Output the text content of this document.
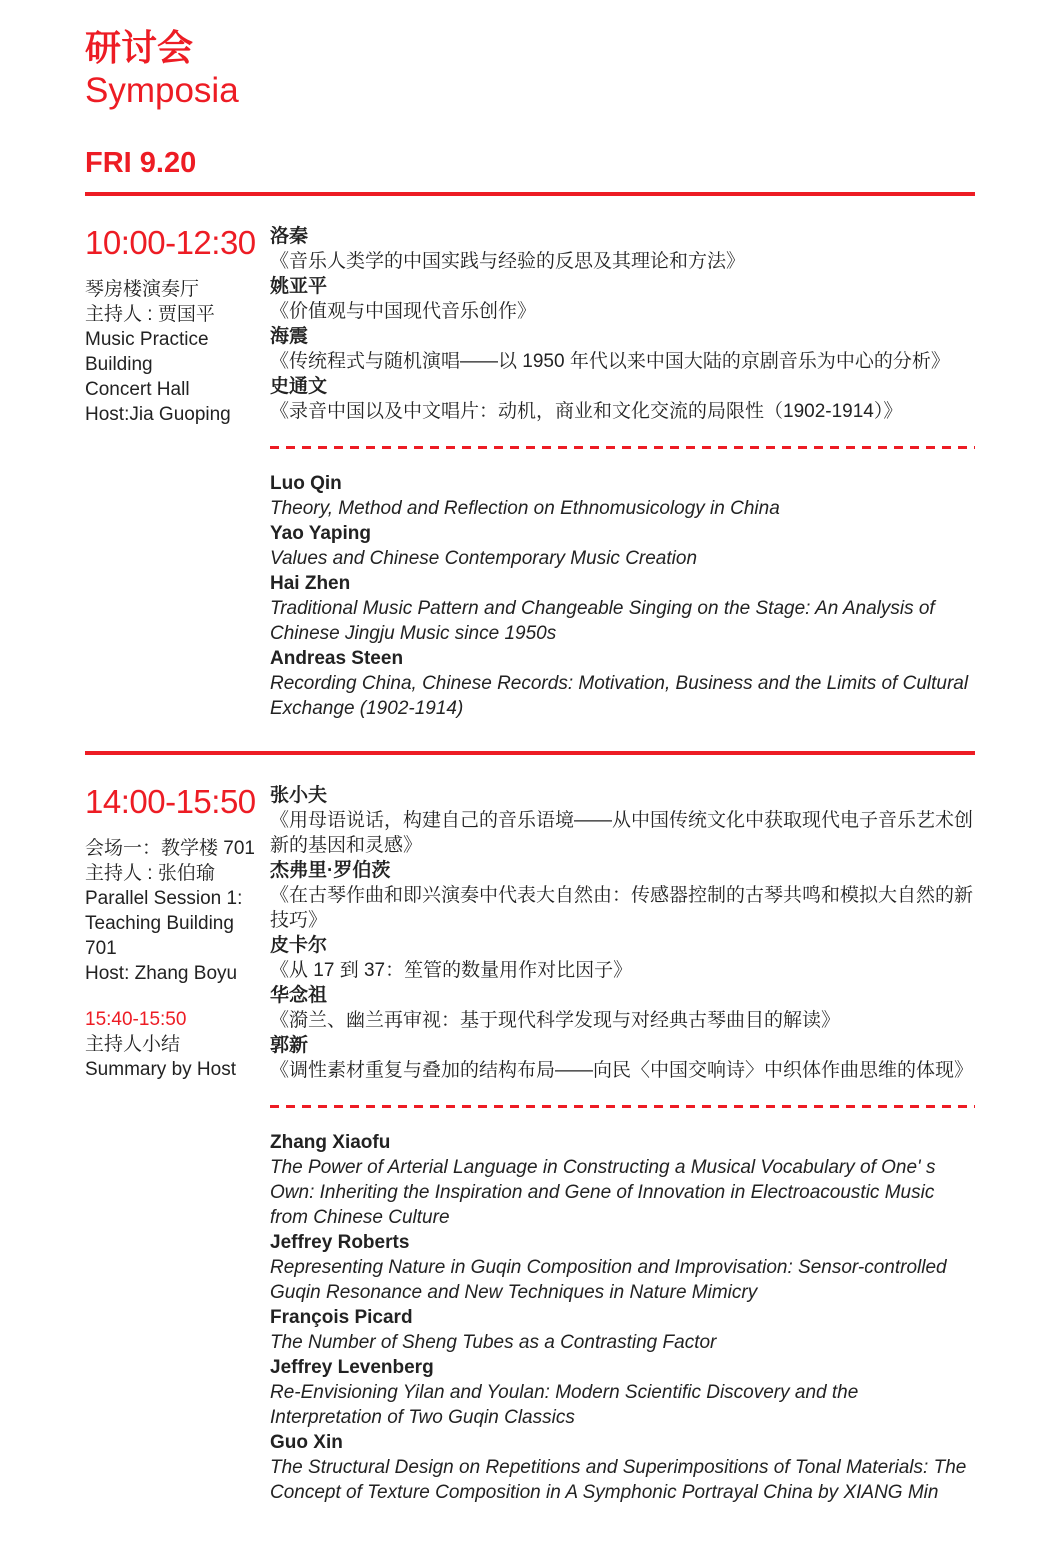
研讨会
Symposia
FRI 9.20
10:00-12:30
琴房楼演奏厅
主持人 : 贾国平
Music Practice
Building
Concert Hall
Host:Jia Guoping
洛秦
《音乐人类学的中国实践与经验的反思及其理论和方法》
姚亚平
《价值观与中国现代音乐创作》
海震
《传统程式与随机演唱——以 1950 年代以来中国大陆的京剧音乐为中心的分析》
史通文
《录音中国以及中文唱片：动机，商业和文化交流的局限性（1902-1914）》
Luo Qin
Theory, Method and Reflection on Ethnomusicology in China
Yao Yaping
Values and Chinese Contemporary Music Creation
Hai Zhen
Traditional Music Pattern and Changeable Singing on the Stage: An Analysis of Chinese Jingju Music since 1950s
Andreas Steen
Recording China, Chinese Records: Motivation, Business and the Limits of Cultural Exchange (1902-1914)
14:00-15:50
会场一：教学楼 701
主持人 : 张伯瑜
Parallel Session 1:
Teaching Building
701
Host: Zhang Boyu
15:40-15:50
主持人小结
Summary by Host
张小夫
《用母语说话，构建自己的音乐语境——从中国传统文化中获取现代电子音乐艺术创新的基因和灵感》
杰弗里·罗伯茨
《在古琴作曲和即兴演奏中代表大自然由：传感器控制的古琴共鸣和模拟大自然的新技巧》
皮卡尔
《从 17 到 37：笙管的数量用作对比因子》
华念祖
《漪兰、幽兰再审视：基于现代科学发现与对经典古琴曲目的解读》
郭新
《调性素材重复与叠加的结构布局——向民〈中国交响诗〉中织体作曲思维的体现》
Zhang Xiaofu
The Power of Arterial Language in Constructing a Musical Vocabulary of One' s Own: Inheriting the Inspiration and Gene of Innovation in Electroacoustic Music from Chinese Culture
Jeffrey Roberts
Representing Nature in Guqin Composition and Improvisation: Sensor-controlled Guqin Resonance and New Techniques in Nature Mimicry
François Picard
The Number of Sheng Tubes as a Contrasting Factor
Jeffrey Levenberg
Re-Envisioning Yilan and Youlan: Modern Scientific Discovery and the Interpretation of Two Guqin Classics
Guo Xin
The Structural Design on Repetitions and Superimpositions of Tonal Materials: The Concept of Texture Composition in A Symphonic Portrayal China by XIANG Min
